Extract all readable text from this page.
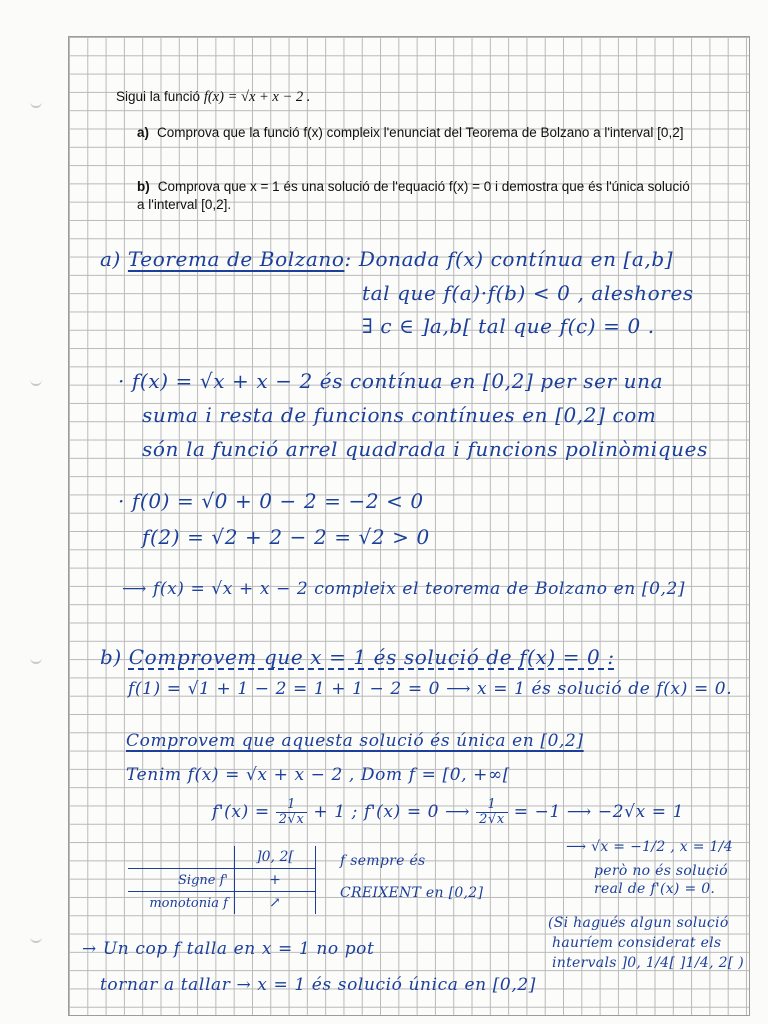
Sigui la funció f(x) = √x + x − 2 .
a) Comprova que la funció f(x) compleix l'enunciat del Teorema de Bolzano a l'interval [0,2]
b) Comprova que x = 1 és una solució de l'equació f(x) = 0 i demostra que és l'única solució a l'interval [0,2].
a) Teorema de Bolzano: Donada f(x) contínua en [a,b]
tal que f(a)·f(b) < 0 , aleshores
∃ c ∈ ]a,b[ tal que f(c) = 0 .
· f(x) = √x + x − 2 és contínua en [0,2] per ser una
suma i resta de funcions contínues en [0,2] com
són la funció arrel quadrada i funcions polinòmiques
· f(0) = √0 + 0 − 2 = −2 < 0
f(2) = √2 + 2 − 2 = √2 > 0
⟶ f(x) = √x + x − 2 compleix el teorema de Bolzano en [0,2]
b) Comprovem que x = 1 és solució de f(x) = 0 :
f(1) = √1 + 1 − 2 = 1 + 1 − 2 = 0 ⟶ x = 1 és solució de f(x) = 0.
Comprovem que aquesta solució és única en [0,2]
Tenim f(x) = √x + x − 2 , Dom f = [0, +∞[
$f'(x) = \frac{1}{2√x} + 1$ ; f'(x) = 0 ⟶ $\frac{1}{2√x} = -1$ ⟶ −2√x = 1
⟶ √x = −1/2 , x = 1/4
però no és solució
real de f'(x) = 0.
	]0, 2[
Signe f'	+
monotonia f	↗
f sempre és
CREIXENT en [0,2]
(Si hagués algun solució
hauríem considerat els
intervals ]0, 1/4[ ]1/4, 2[ )
→ Un cop f talla en x = 1 no pot
tornar a tallar → x = 1 és solució única en [0,2]
